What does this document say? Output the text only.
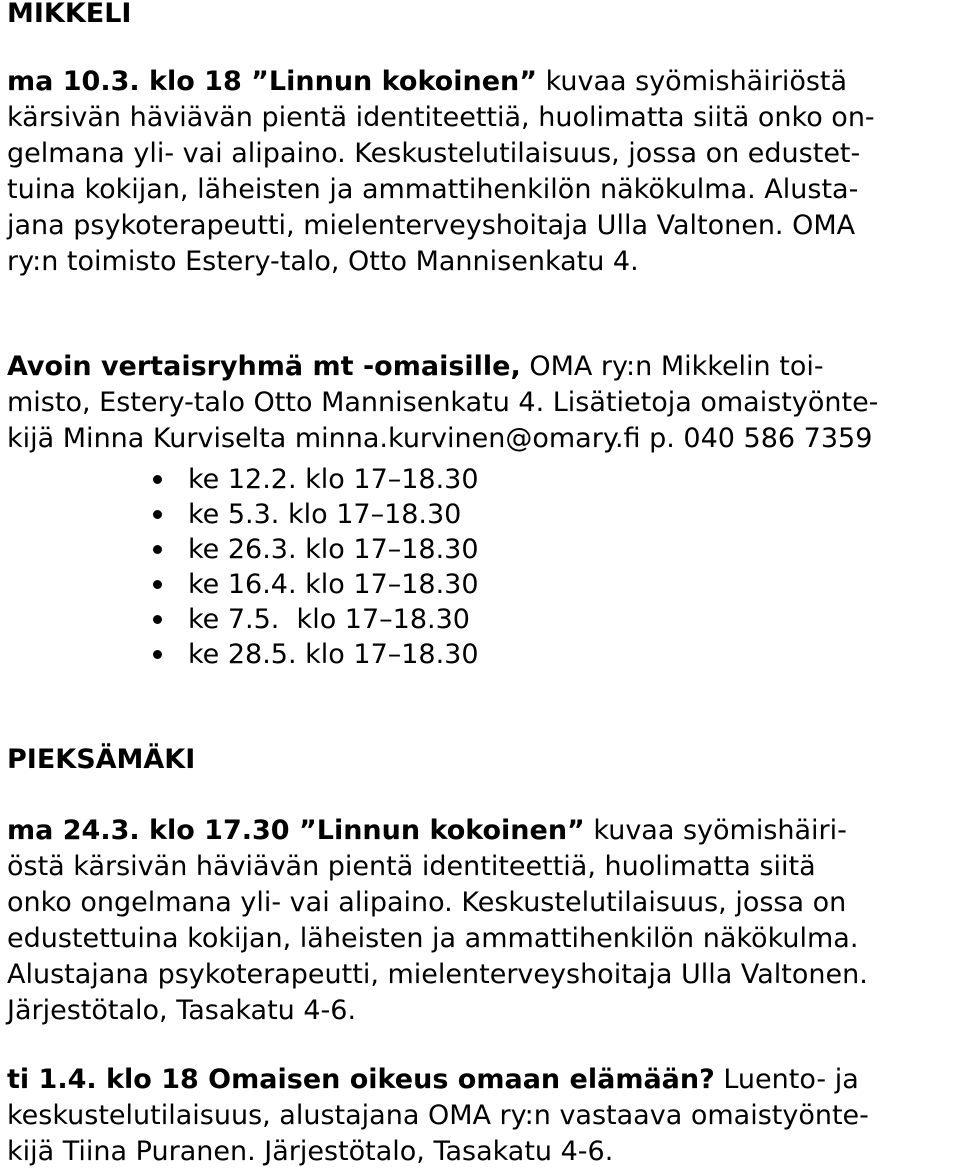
MIKKELI

ma 10.3. klo 18 ”Linnun kokoinen” kuvaa syömishäiriöstä

kärsivän häviävän pientä identiteettiä, huolimatta siitä onko on-

gelmana yli- vai alipaino. Keskustelutilaisuus, jossa on edustet-

tuina kokijan, läheisten ja ammattihenkilön näkökulma. Alusta-

jana psykoterapeutti, mielenterveyshoitaja Ulla Valtonen. OMA

ry:n toimisto Estery-talo, Otto Mannisenkatu 4.

Avoin vertaisryhmä mt -omaisille, OMA ry:n Mikkelin toi-

misto, Estery-talo Otto Mannisenkatu 4. Lisätietoja omaistyönte-

kijä Minna Kurviselta minna.kurvinen@omary.fi p. 040 586 7359

ke 12.2. klo 17–18.30

ke 5.3. klo 17–18.30

ke 26.3. klo 17–18.30

ke 16.4. klo 17–18.30

ke 7.5.  klo 17–18.30

ke 28.5. klo 17–18.30

PIEKSÄMÄKI

ma 24.3. klo 17.30 ”Linnun kokoinen” kuvaa syömishäiri-

östä kärsivän häviävän pientä identiteettiä, huolimatta siitä

onko ongelmana yli- vai alipaino. Keskustelutilaisuus, jossa on

edustettuina kokijan, läheisten ja ammattihenkilön näkökulma.

Alustajana psykoterapeutti, mielenterveyshoitaja Ulla Valtonen.

Järjestötalo, Tasakatu 4-6.

ti 1.4. klo 18 Omaisen oikeus omaan elämään? Luento- ja

keskustelutilaisuus, alustajana OMA ry:n vastaava omaistyönte-

kijä Tiina Puranen. Järjestötalo, Tasakatu 4-6.
